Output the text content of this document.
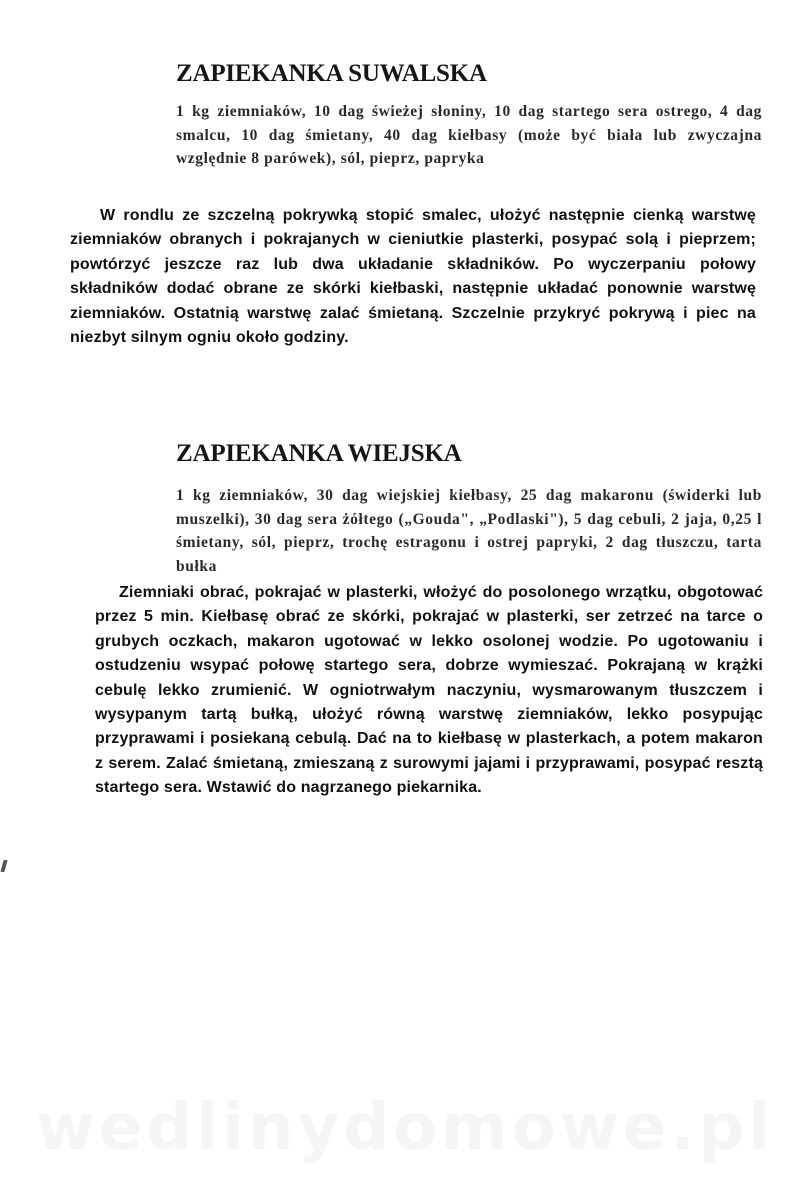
ZAPIEKANKA SUWALSKA

1 kg ziemniaków, 10 dag świeżej słoniny, 10 dag startego sera ostrego, 4 dag smalcu, 10 dag śmietany, 40 dag kiełbasy (może być biała lub zwyczajna względnie 8 parówek), sól, pieprz, papryka

W rondlu ze szczelną pokrywką stopić smalec, ułożyć następnie cienką warstwę ziemniaków obranych i pokrajanych w cieniutkie plasterki, posypać solą i pieprzem; powtórzyć jeszcze raz lub dwa układanie składników. Po wyczerpaniu połowy składników dodać obrane ze skórki kiełbaski, następnie układać ponownie warstwę ziemniaków. Ostatnią warstwę zalać śmietaną. Szczelnie przykryć pokrywą i piec na niezbyt silnym ogniu około godziny.

ZAPIEKANKA WIEJSKA

1 kg ziemniaków, 30 dag wiejskiej kiełbasy, 25 dag makaronu (świderki lub muszelki), 30 dag sera żółtego („Gouda", „Podlaski"), 5 dag cebuli, 2 jaja, 0,25 l śmietany, sól, pieprz, trochę estragonu i ostrej papryki, 2 dag tłuszczu, tarta bułka

Ziemniaki obrać, pokrajać w plasterki, włożyć do posolonego wrzątku, obgotować przez 5 min. Kiełbasę obrać ze skórki, pokrajać w plasterki, ser zetrzeć na tarce o grubych oczkach, makaron ugotować w lekko osolonej wodzie. Po ugotowaniu i ostudzeniu wsypać połowę startego sera, dobrze wymieszać. Pokrajaną w krążki cebulę lekko zrumienić. W ogniotrwałym naczyniu, wysmarowanym tłuszczem i wysypanym tartą bułką, ułożyć równą warstwę ziemniaków, lekko posypując przyprawami i posiekaną cebulą. Dać na to kiełbasę w plasterkach, a potem makaron z serem. Zalać śmietaną, zmieszaną z surowymi jajami i przyprawami, posypać resztą startego sera. Wstawić do nagrzanego piekarnika.

wedlinydomowe.pl
